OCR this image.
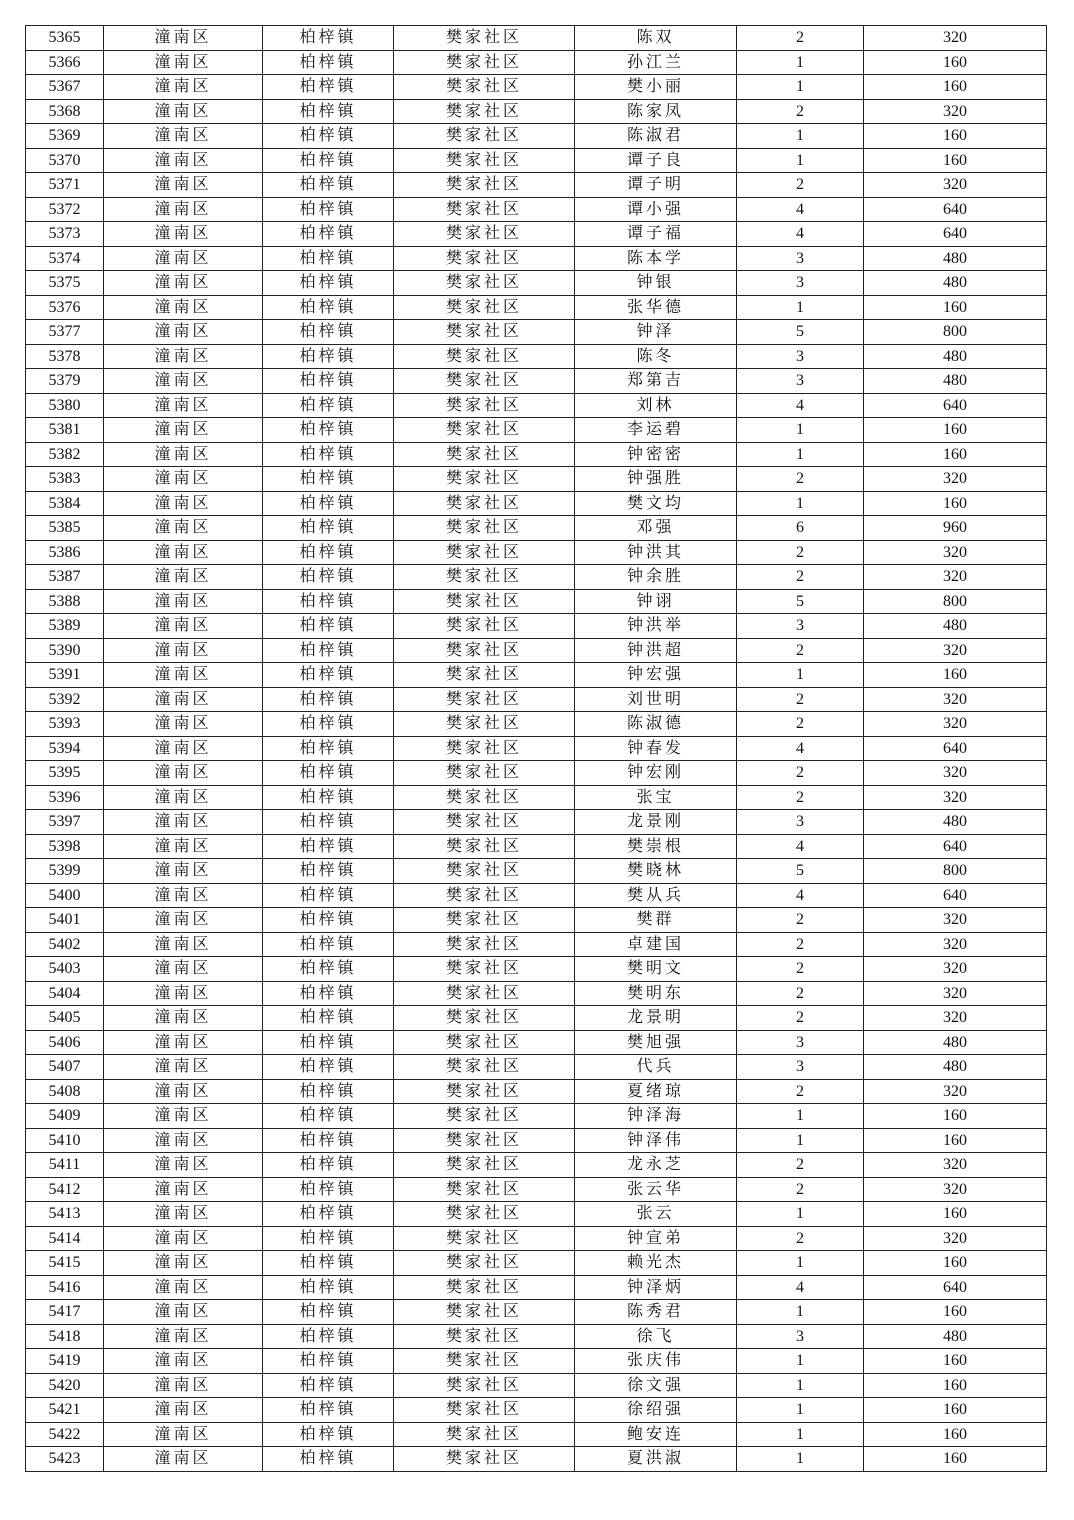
5365	潼南区	柏梓镇	樊家社区	陈双	2	320
5366	潼南区	柏梓镇	樊家社区	孙江兰	1	160
5367	潼南区	柏梓镇	樊家社区	樊小丽	1	160
5368	潼南区	柏梓镇	樊家社区	陈家凤	2	320
5369	潼南区	柏梓镇	樊家社区	陈淑君	1	160
5370	潼南区	柏梓镇	樊家社区	谭子良	1	160
5371	潼南区	柏梓镇	樊家社区	谭子明	2	320
5372	潼南区	柏梓镇	樊家社区	谭小强	4	640
5373	潼南区	柏梓镇	樊家社区	谭子福	4	640
5374	潼南区	柏梓镇	樊家社区	陈本学	3	480
5375	潼南区	柏梓镇	樊家社区	钟银	3	480
5376	潼南区	柏梓镇	樊家社区	张华德	1	160
5377	潼南区	柏梓镇	樊家社区	钟泽	5	800
5378	潼南区	柏梓镇	樊家社区	陈冬	3	480
5379	潼南区	柏梓镇	樊家社区	郑第吉	3	480
5380	潼南区	柏梓镇	樊家社区	刘林	4	640
5381	潼南区	柏梓镇	樊家社区	李运碧	1	160
5382	潼南区	柏梓镇	樊家社区	钟密密	1	160
5383	潼南区	柏梓镇	樊家社区	钟强胜	2	320
5384	潼南区	柏梓镇	樊家社区	樊文均	1	160
5385	潼南区	柏梓镇	樊家社区	邓强	6	960
5386	潼南区	柏梓镇	樊家社区	钟洪其	2	320
5387	潼南区	柏梓镇	樊家社区	钟余胜	2	320
5388	潼南区	柏梓镇	樊家社区	钟诩	5	800
5389	潼南区	柏梓镇	樊家社区	钟洪举	3	480
5390	潼南区	柏梓镇	樊家社区	钟洪超	2	320
5391	潼南区	柏梓镇	樊家社区	钟宏强	1	160
5392	潼南区	柏梓镇	樊家社区	刘世明	2	320
5393	潼南区	柏梓镇	樊家社区	陈淑德	2	320
5394	潼南区	柏梓镇	樊家社区	钟春发	4	640
5395	潼南区	柏梓镇	樊家社区	钟宏刚	2	320
5396	潼南区	柏梓镇	樊家社区	张宝	2	320
5397	潼南区	柏梓镇	樊家社区	龙景刚	3	480
5398	潼南区	柏梓镇	樊家社区	樊崇根	4	640
5399	潼南区	柏梓镇	樊家社区	樊晓林	5	800
5400	潼南区	柏梓镇	樊家社区	樊从兵	4	640
5401	潼南区	柏梓镇	樊家社区	樊群	2	320
5402	潼南区	柏梓镇	樊家社区	卓建国	2	320
5403	潼南区	柏梓镇	樊家社区	樊明文	2	320
5404	潼南区	柏梓镇	樊家社区	樊明东	2	320
5405	潼南区	柏梓镇	樊家社区	龙景明	2	320
5406	潼南区	柏梓镇	樊家社区	樊旭强	3	480
5407	潼南区	柏梓镇	樊家社区	代兵	3	480
5408	潼南区	柏梓镇	樊家社区	夏绪琼	2	320
5409	潼南区	柏梓镇	樊家社区	钟泽海	1	160
5410	潼南区	柏梓镇	樊家社区	钟泽伟	1	160
5411	潼南区	柏梓镇	樊家社区	龙永芝	2	320
5412	潼南区	柏梓镇	樊家社区	张云华	2	320
5413	潼南区	柏梓镇	樊家社区	张云	1	160
5414	潼南区	柏梓镇	樊家社区	钟宣弟	2	320
5415	潼南区	柏梓镇	樊家社区	赖光杰	1	160
5416	潼南区	柏梓镇	樊家社区	钟泽炳	4	640
5417	潼南区	柏梓镇	樊家社区	陈秀君	1	160
5418	潼南区	柏梓镇	樊家社区	徐飞	3	480
5419	潼南区	柏梓镇	樊家社区	张庆伟	1	160
5420	潼南区	柏梓镇	樊家社区	徐文强	1	160
5421	潼南区	柏梓镇	樊家社区	徐绍强	1	160
5422	潼南区	柏梓镇	樊家社区	鲍安连	1	160
5423	潼南区	柏梓镇	樊家社区	夏洪淑	1	160
